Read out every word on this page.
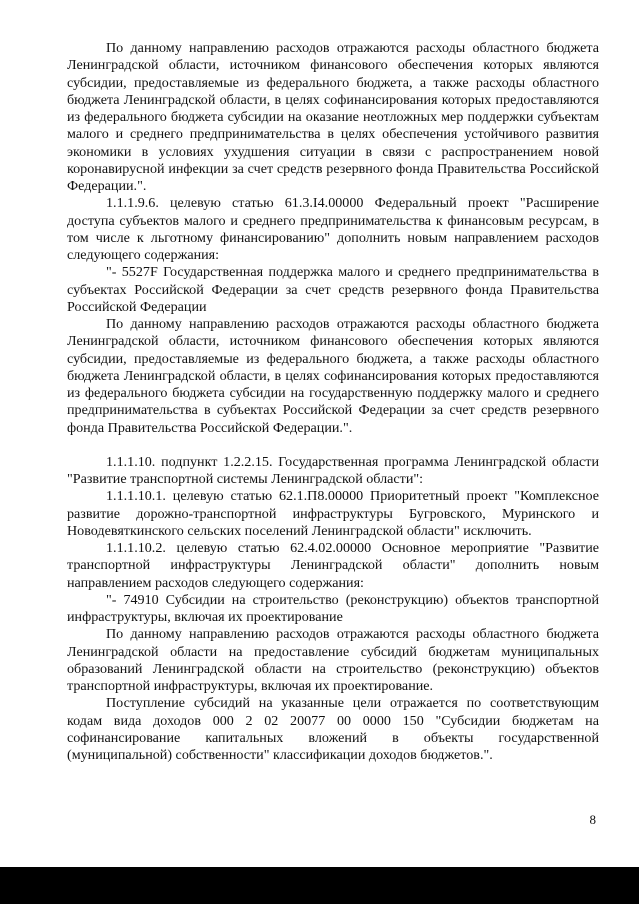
По данному направлению расходов отражаются расходы областного бюджета Ленинградской области, источником финансового обеспечения которых являются субсидии, предоставляемые из федерального бюджета, а также расходы областного бюджета Ленинградской области, в целях софинансирования которых предоставляются из федерального бюджета субсидии на оказание неотложных мер поддержки субъектам малого и среднего предпринимательства в целях обеспечения устойчивого развития экономики в условиях ухудшения ситуации в связи с распространением новой коронавирусной инфекции за счет средств резервного фонда Правительства Российской Федерации.".

1.1.1.9.6. целевую статью 61.3.I4.00000 Федеральный проект "Расширение доступа субъектов малого и среднего предпринимательства к финансовым ресурсам, в том числе к льготному финансированию" дополнить новым направлением расходов следующего содержания:

"- 5527F Государственная поддержка малого и среднего предпринимательства в субъектах Российской Федерации за счет средств резервного фонда Правительства Российской Федерации

По данному направлению расходов отражаются расходы областного бюджета Ленинградской области, источником финансового обеспечения которых являются субсидии, предоставляемые из федерального бюджета, а также расходы областного бюджета Ленинградской области, в целях софинансирования которых предоставляются из федерального бюджета субсидии на государственную поддержку малого и среднего предпринимательства в субъектах Российской Федерации за счет средств резервного фонда Правительства Российской Федерации.".

1.1.1.10. подпункт 1.2.2.15. Государственная программа Ленинградской области "Развитие транспортной системы Ленинградской области":

1.1.1.10.1. целевую статью 62.1.П8.00000 Приоритетный проект "Комплексное развитие дорожно-транспортной инфраструктуры Бугровского, Муринского и Новодевяткинского сельских поселений Ленинградской области" исключить.

1.1.1.10.2. целевую статью 62.4.02.00000 Основное мероприятие "Развитие транспортной инфраструктуры Ленинградской области" дополнить новым направлением расходов следующего содержания:

"- 74910 Субсидии на строительство (реконструкцию) объектов транспортной инфраструктуры, включая их проектирование

По данному направлению расходов отражаются расходы областного бюджета Ленинградской области на предоставление субсидий бюджетам муниципальных образований Ленинградской области на строительство (реконструкцию) объектов транспортной инфраструктуры, включая их проектирование.

Поступление субсидий на указанные цели отражается по соответствующим кодам вида доходов 000 2 02 20077 00 0000 150 "Субсидии бюджетам на софинансирование капитальных вложений в объекты государственной (муниципальной) собственности" классификации доходов бюджетов.".

8
